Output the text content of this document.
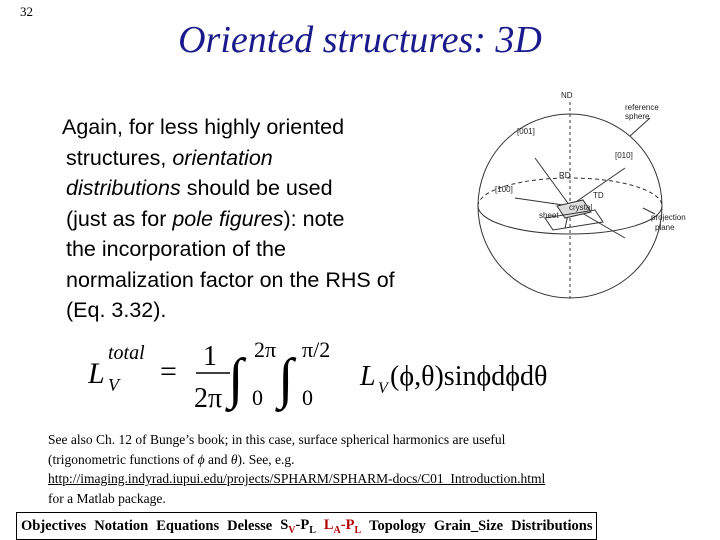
32
Oriented structures: 3D
Again, for less highly oriented
structures, orientation
distributions should be used
(just as for pole figures): note
the incorporation of the
normalization factor on the RHS of
(Eq. 3.32).
ND
reference
sphere
[001]
[010]
[100]
RD
TD
crystal
sheet	projection
plane
L
total
V = 1
2π ∫ 2π
0 ∫ π/2
0
L V (ϕ,θ)sinϕdϕdθ
See also Ch. 12 of Bunge’s book; in this case, surface spherical harmonics are useful
(trigonometric functions of ϕ and θ). See, e.g.
http://imaging.indyrad.iupui.edu/projects/SPHARM/SPHARM-docs/C01_Introduction.html
for a Matlab package.
Objectives Notation Equations Delesse $S_V-P_L$ $L_A-P_L$ Topology Grain_Size Distributions
